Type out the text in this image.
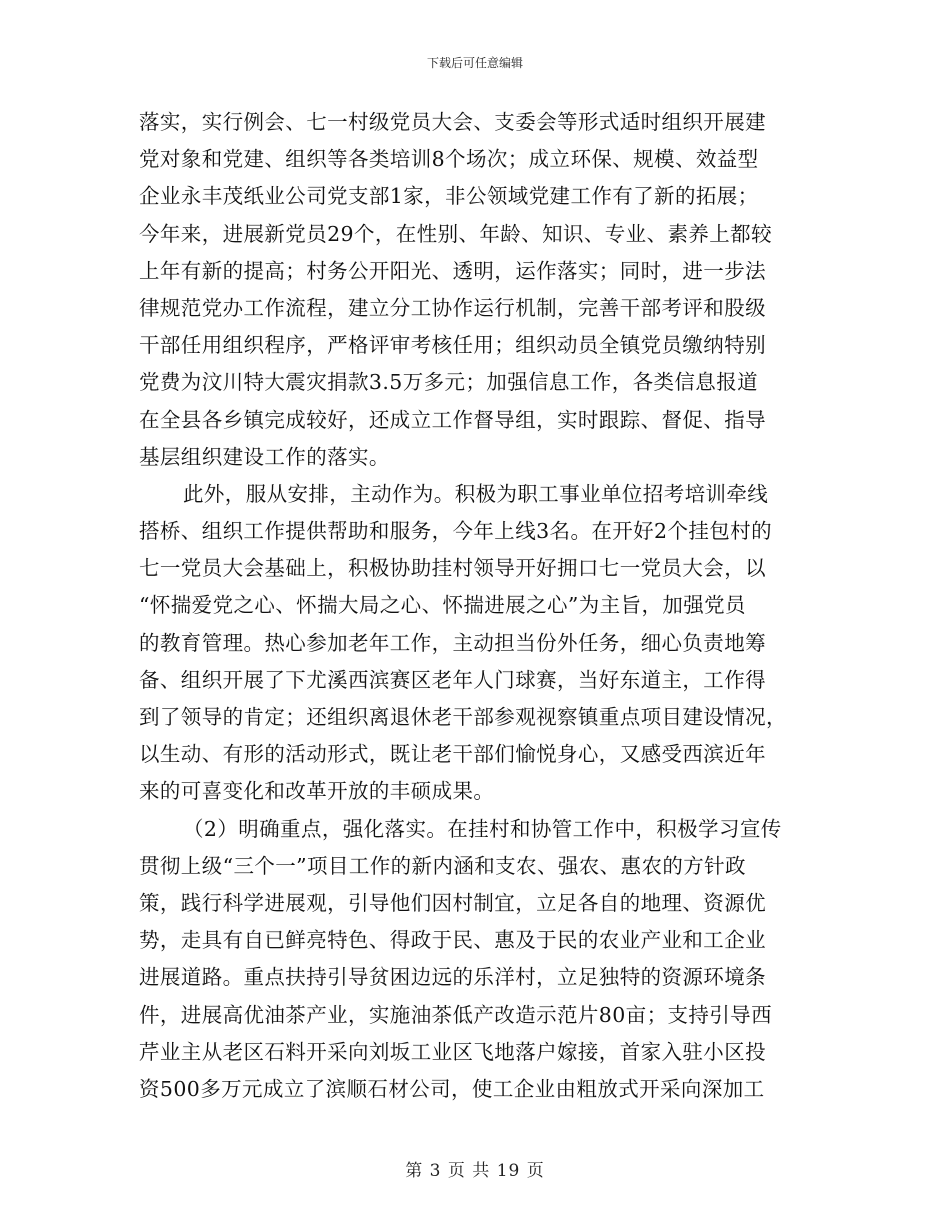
下载后可任意编辑
落实，实行例会、七一村级党员大会、支委会等形式适时组织开展建
党对象和党建、组织等各类培训8个场次；成立环保、规模、效益型
企业永丰茂纸业公司党支部1家，非公领域党建工作有了新的拓展；
今年来，进展新党员29个，在性别、年龄、知识、专业、素养上都较
上年有新的提高；村务公开阳光、透明，运作落实；同时，进一步法
律规范党办工作流程，建立分工协作运行机制，完善干部考评和股级
干部任用组织程序，严格评审考核任用；组织动员全镇党员缴纳特别
党费为汶川特大震灾捐款3.5万多元；加强信息工作，各类信息报道
在全县各乡镇完成较好，还成立工作督导组，实时跟踪、督促、指导
基层组织建设工作的落实。
此外，服从安排，主动作为。积极为职工事业单位招考培训牵线
搭桥、组织工作提供帮助和服务，今年上线3名。在开好2个挂包村的
七一党员大会基础上，积极协助挂村领导开好拥口七一党员大会，以
“怀揣爱党之心、怀揣大局之心、怀揣进展之心”为主旨，加强党员
的教育管理。热心参加老年工作，主动担当份外任务，细心负责地筹
备、组织开展了下尤溪西滨赛区老年人门球赛，当好东道主，工作得
到了领导的肯定；还组织离退休老干部参观视察镇重点项目建设情况，
以生动、有形的活动形式，既让老干部们愉悦身心，又感受西滨近年
来的可喜变化和改革开放的丰硕成果。
（2）明确重点，强化落实。在挂村和协管工作中，积极学习宣传
贯彻上级“三个一”项目工作的新内涵和支农、强农、惠农的方针政
策，践行科学进展观，引导他们因村制宜，立足各自的地理、资源优
势，走具有自已鲜亮特色、得政于民、惠及于民的农业产业和工企业
进展道路。重点扶持引导贫困边远的乐洋村，立足独特的资源环境条
件，进展高优油茶产业，实施油茶低产改造示范片80亩；支持引导西
芹业主从老区石料开采向刘坂工业区飞地落户嫁接，首家入驻小区投
资500多万元成立了滨顺石材公司，使工企业由粗放式开采向深加工
第 3 页 共 19 页
